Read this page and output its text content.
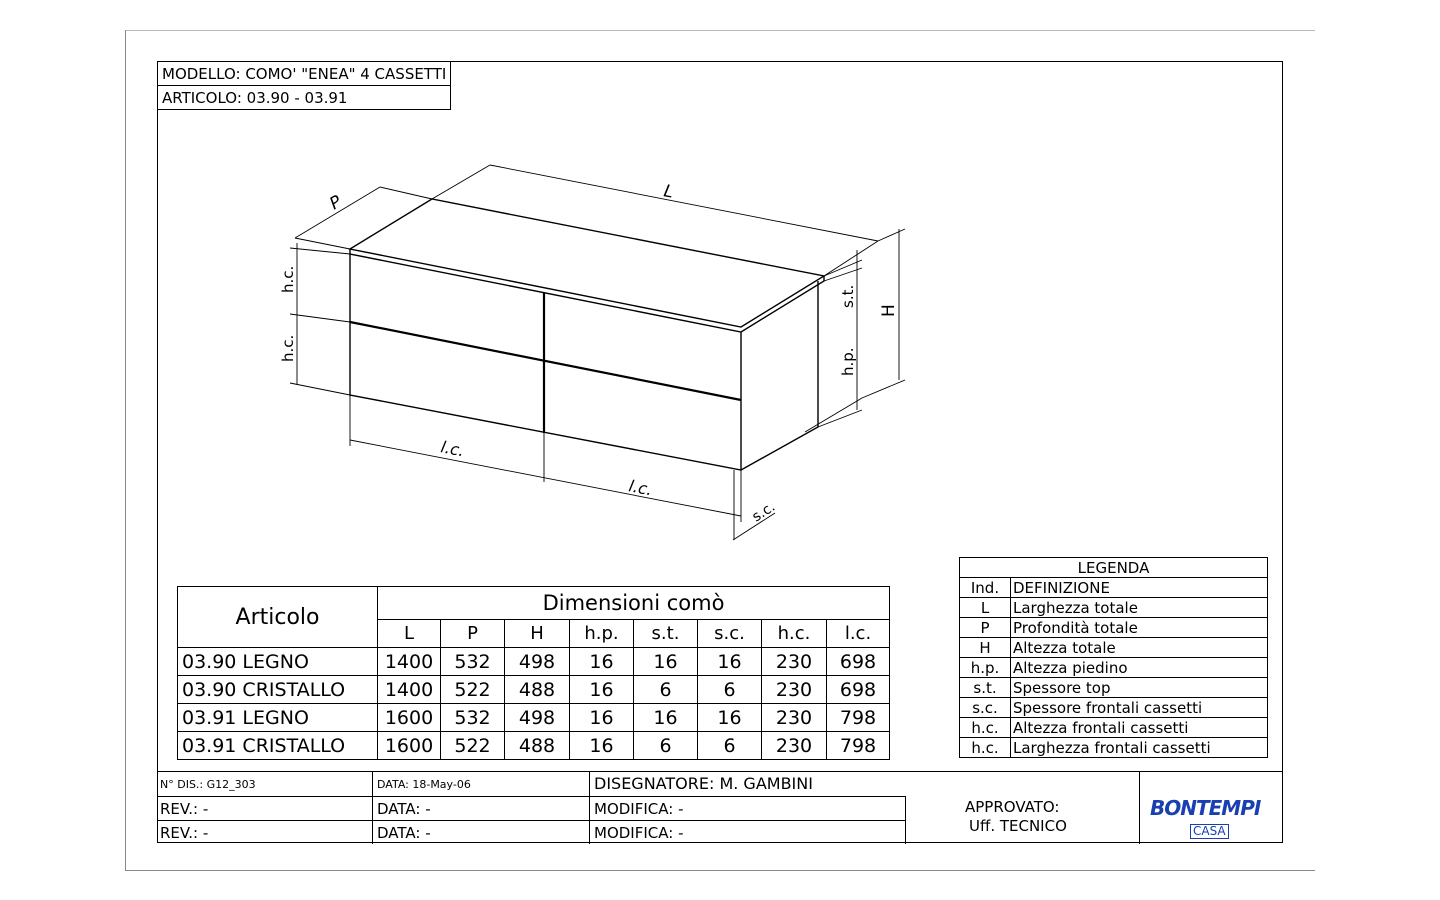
MODELLO: COMO' "ENEA" 4 CASSETTI
ARTICOLO: 03.90 - 03.91
L
P
H
s.t.
h.p.
h.c.
h.c.
l.c.
l.c.
s.c.
Articolo	Dimensioni comò							
	L	P	H	h.p.	s.t.	s.c.	h.c.	l.c.
03.90 LEGNO	1400	532	498	16	16	16	230	698
03.90 CRISTALLO	1400	522	488	16	6	6	230	698
03.91 LEGNO	1600	532	498	16	16	16	230	798
03.91 CRISTALLO	1600	522	488	16	6	6	230	798
LEGENDA	
Ind.	DEFINIZIONE
L	Larghezza totale
P	Profondità totale
H	Altezza totale
h.p.	Altezza piedino
s.t.	Spessore top
s.c.	Spessore frontali cassetti
h.c.	Altezza frontali cassetti
h.c.	Larghezza frontali cassetti
N° DIS.: G12_303	DATA: 18-May-06	DISEGNATORE: M. GAMBINI
REV.: -	DATA: -	MODIFICA: -
REV.: -	DATA: -	MODIFICA: -
APPROVATO:
Uff. TECNICO
BONTEMPI
CASA
